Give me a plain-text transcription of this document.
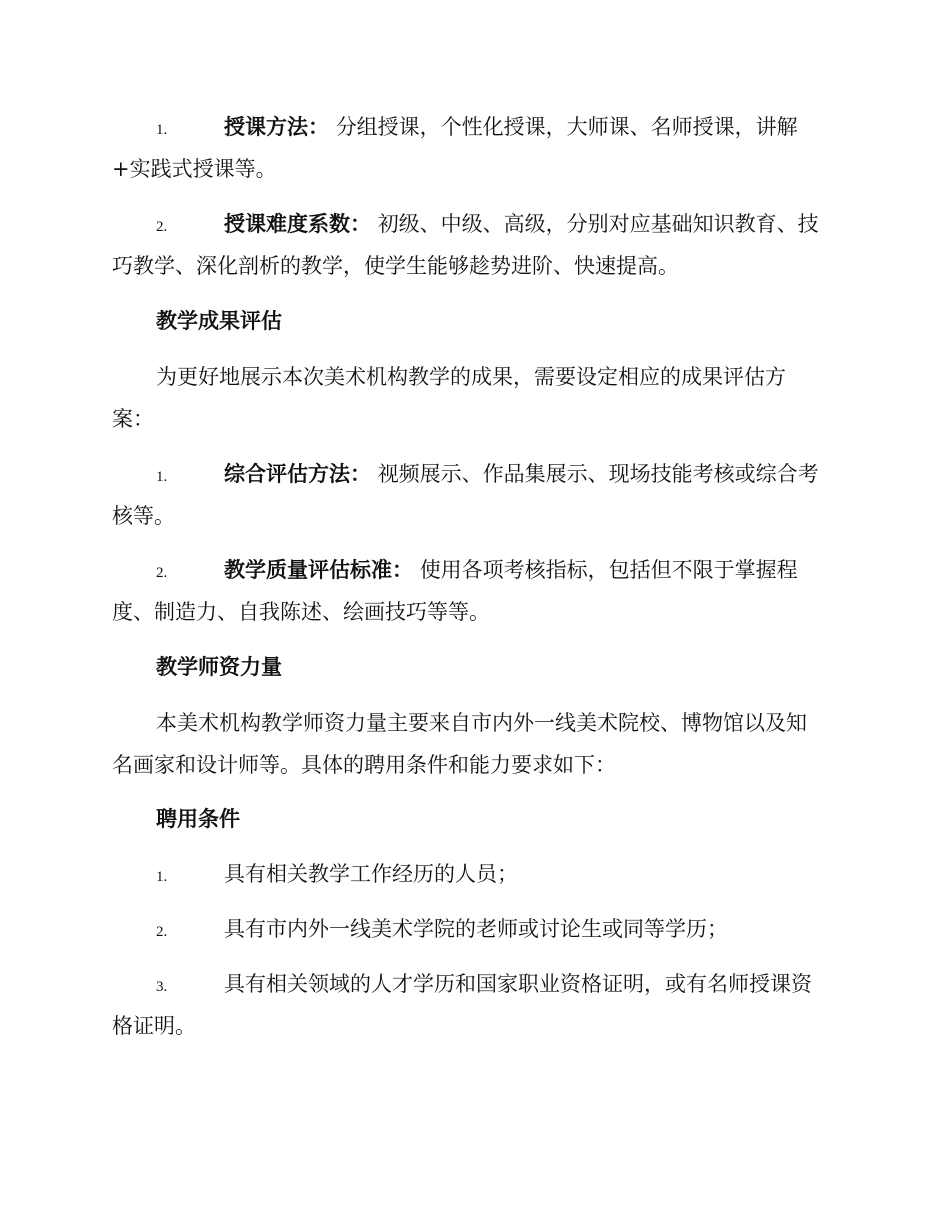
1.	授课方法： 分组授课，个性化授课，大师课、名师授课，讲解
+实践式授课等。
2.	授课难度系数： 初级、中级、高级，分别对应基础知识教育、技
巧教学、深化剖析的教学，使学生能够趁势进阶、快速提高。
教学成果评估
为更好地展示本次美术机构教学的成果，需要设定相应的成果评估方
案：
1.	综合评估方法： 视频展示、作品集展示、现场技能考核或综合考
核等。
2.	教学质量评估标准： 使用各项考核指标，包括但不限于掌握程
度、制造力、自我陈述、绘画技巧等等。
教学师资力量
本美术机构教学师资力量主要来自市内外一线美术院校、博物馆以及知
名画家和设计师等。具体的聘用条件和能力要求如下：
聘用条件
1.	具有相关教学工作经历的人员；
2.	具有市内外一线美术学院的老师或讨论生或同等学历；
3.	具有相关领域的人才学历和国家职业资格证明，或有名师授课资
格证明。
